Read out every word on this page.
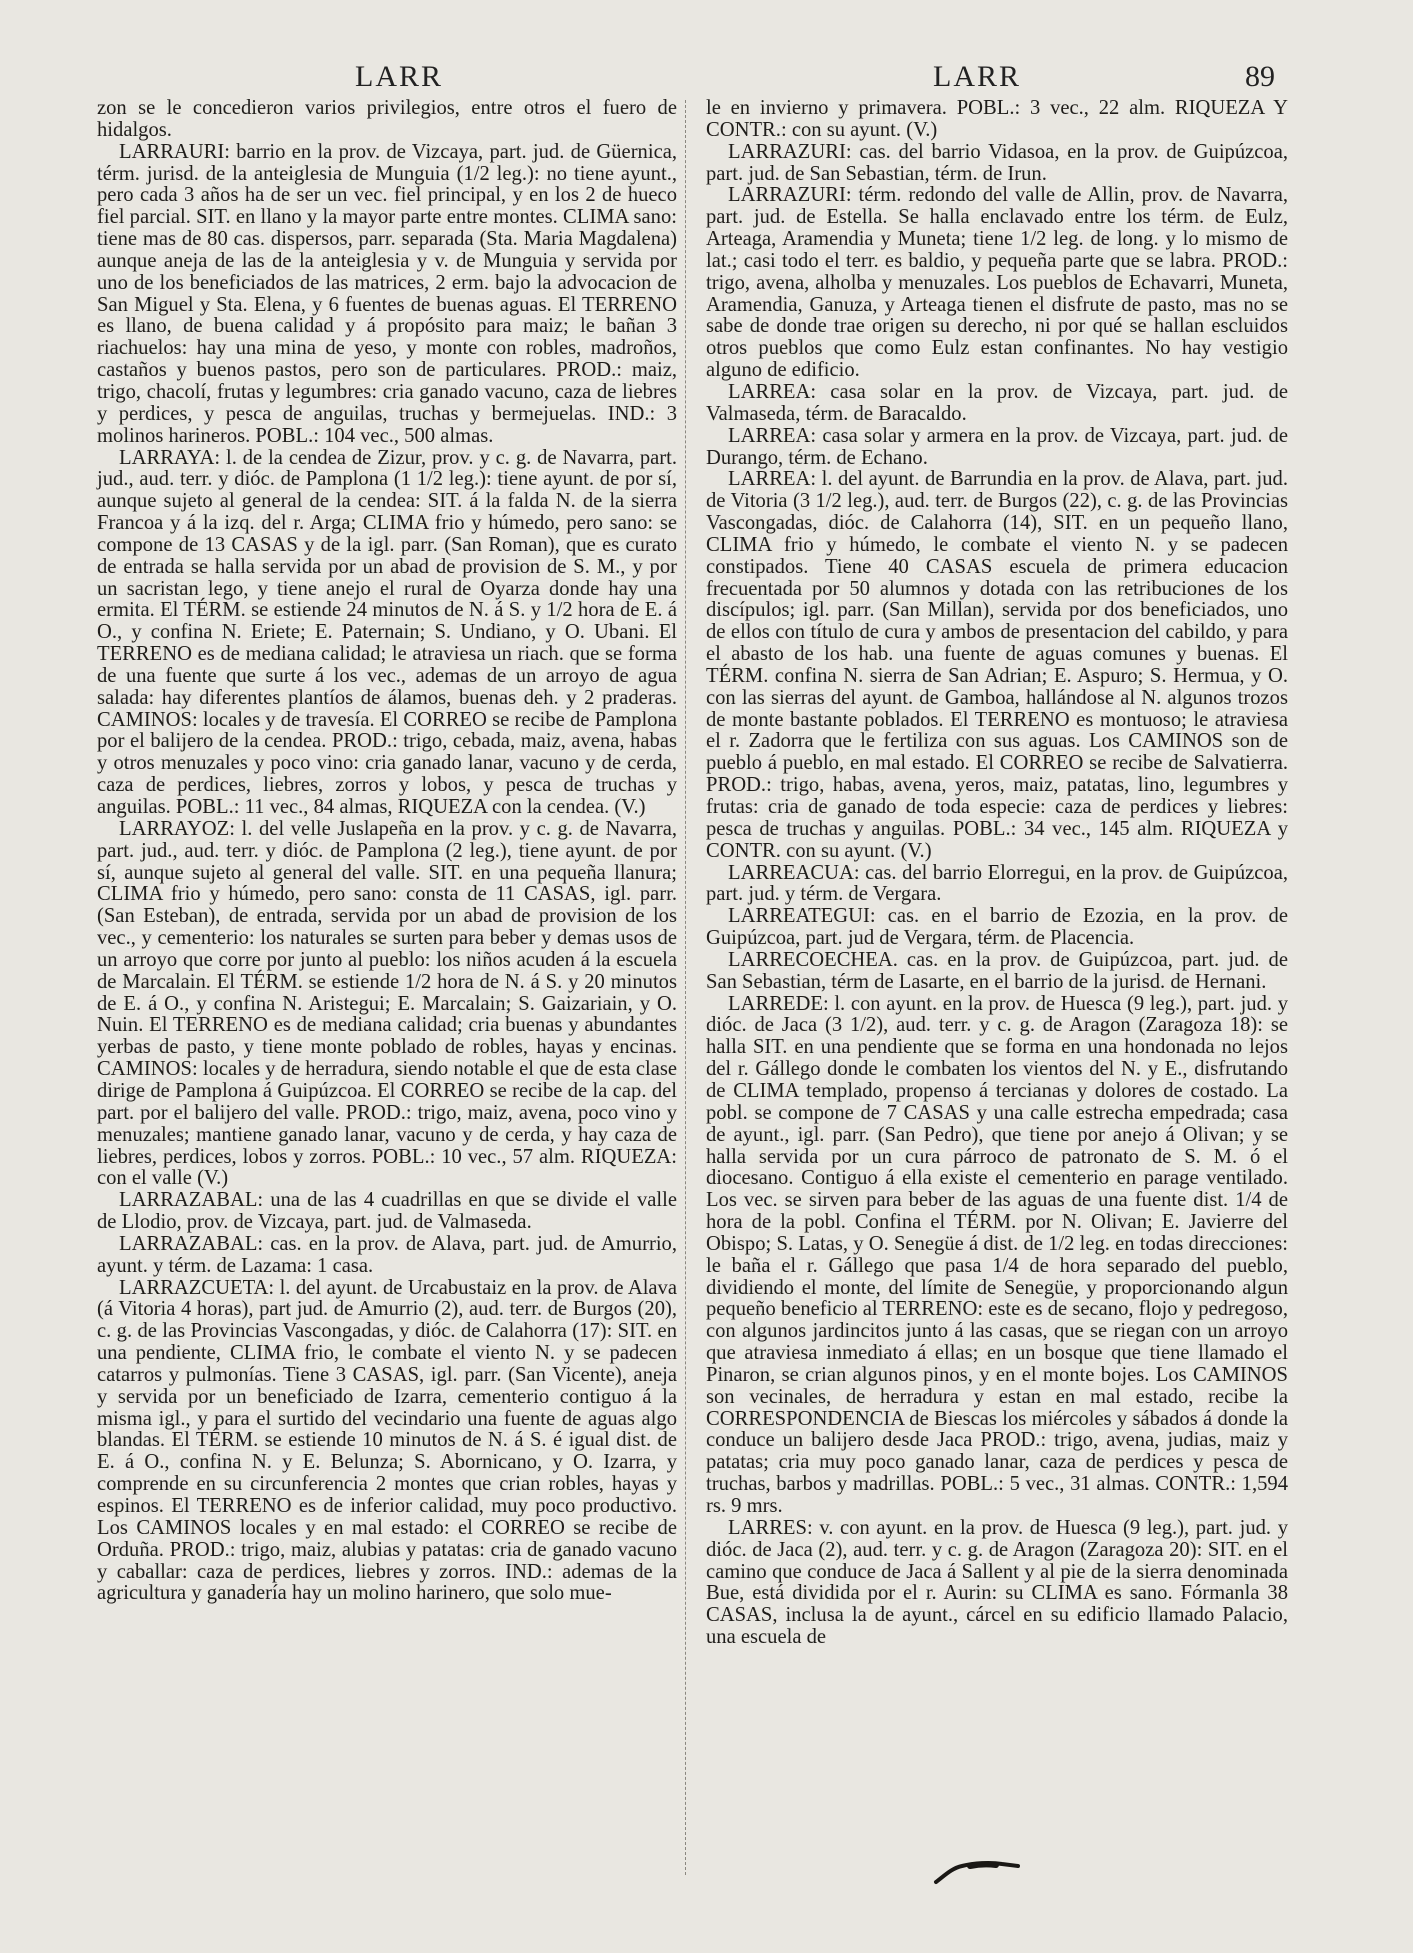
LARR	LARR	89

zon se le concedieron varios privilegios, entre otros el fuero de hidalgos.

LARRAURI: barrio en la prov. de Vizcaya, part. jud. de Güernica, térm. jurisd. de la anteiglesia de Munguia (1/2 leg.): no tiene ayunt., pero cada 3 años ha de ser un vec. fiel principal, y en los 2 de hueco fiel parcial. SIT. en llano y la mayor parte entre montes. CLIMA sano: tiene mas de 80 cas. dispersos, parr. separada (Sta. Maria Magdalena) aunque aneja de las de la anteiglesia y v. de Munguia y servida por uno de los beneficiados de las matrices, 2 erm. bajo la advocacion de San Miguel y Sta. Elena, y 6 fuentes de buenas aguas. El TERRENO es llano, de buena calidad y á propósito para maiz; le bañan 3 riachuelos: hay una mina de yeso, y monte con robles, madroños, castaños y buenos pastos, pero son de particulares. PROD.: maiz, trigo, chacolí, frutas y legumbres: cria ganado vacuno, caza de liebres y perdices, y pesca de anguilas, truchas y bermejuelas. IND.: 3 molinos harineros. POBL.: 104 vec., 500 almas.

LARRAYA: l. de la cendea de Zizur, prov. y c. g. de Navarra, part. jud., aud. terr. y dióc. de Pamplona (1 1/2 leg.): tiene ayunt. de por sí, aunque sujeto al general de la cendea: SIT. á la falda N. de la sierra Francoa y á la izq. del r. Arga; CLIMA frio y húmedo, pero sano: se compone de 13 CASAS y de la igl. parr. (San Roman), que es curato de entrada se halla servida por un abad de provision de S. M., y por un sacristan lego, y tiene anejo el rural de Oyarza donde hay una ermita. El TÉRM. se estiende 24 minutos de N. á S. y 1/2 hora de E. á O., y confina N. Eriete; E. Paternain; S. Undiano, y O. Ubani. El TERRENO es de mediana calidad; le atraviesa un riach. que se forma de una fuente que surte á los vec., ademas de un arroyo de agua salada: hay diferentes plantíos de álamos, buenas deh. y 2 praderas. CAMINOS: locales y de travesía. El CORREO se recibe de Pamplona por el balijero de la cendea. PROD.: trigo, cebada, maiz, avena, habas y otros menuzales y poco vino: cria ganado lanar, vacuno y de cerda, caza de perdices, liebres, zorros y lobos, y pesca de truchas y anguilas. POBL.: 11 vec., 84 almas, RIQUEZA con la cendea. (V.)

LARRAYOZ: l. del velle Juslapeña en la prov. y c. g. de Navarra, part. jud., aud. terr. y dióc. de Pamplona (2 leg.), tiene ayunt. de por sí, aunque sujeto al general del valle. SIT. en una pequeña llanura; CLIMA frio y húmedo, pero sano: consta de 11 CASAS, igl. parr. (San Esteban), de entrada, servida por un abad de provision de los vec., y cementerio: los naturales se surten para beber y demas usos de un arroyo que corre por junto al pueblo: los niños acuden á la escuela de Marcalain. El TÉRM. se estiende 1/2 hora de N. á S. y 20 minutos de E. á O., y confina N. Aristegui; E. Marcalain; S. Gaizariain, y O. Nuin. El TERRENO es de mediana calidad; cria buenas y abundantes yerbas de pasto, y tiene monte poblado de robles, hayas y encinas. CAMINOS: locales y de herradura, siendo notable el que de esta clase dirige de Pamplona á Guipúzcoa. El CORREO se recibe de la cap. del part. por el balijero del valle. PROD.: trigo, maiz, avena, poco vino y menuzales; mantiene ganado lanar, vacuno y de cerda, y hay caza de liebres, perdices, lobos y zorros. POBL.: 10 vec., 57 alm. RIQUEZA: con el valle (V.)

LARRAZABAL: una de las 4 cuadrillas en que se divide el valle de Llodio, prov. de Vizcaya, part. jud. de Valmaseda.

LARRAZABAL: cas. en la prov. de Alava, part. jud. de Amurrio, ayunt. y térm. de Lazama: 1 casa.

LARRAZCUETA: l. del ayunt. de Urcabustaiz en la prov. de Alava (á Vitoria 4 horas), part jud. de Amurrio (2), aud. terr. de Burgos (20), c. g. de las Provincias Vascongadas, y dióc. de Calahorra (17): SIT. en una pendiente, CLIMA frio, le combate el viento N. y se padecen catarros y pulmonías. Tiene 3 CASAS, igl. parr. (San Vicente), aneja y servida por un beneficiado de Izarra, cementerio contiguo á la misma igl., y para el surtido del vecindario una fuente de aguas algo blandas. El TÉRM. se estiende 10 minutos de N. á S. é igual dist. de E. á O., confina N. y E. Belunza; S. Aborniсano, y O. Izarra, y comprende en su circunferencia 2 montes que crian robles, hayas y espinos. El TERRENO es de inferior calidad, muy poco productivo. Los CAMINOS locales y en mal estado: el CORREO se recibe de Orduña. PROD.: trigo, maiz, alubias y patatas: cria de ganado vacuno y caballar: caza de perdices, liebres y zorros. IND.: ademas de la agricultura y ganadería hay un molino harinero, que solo mue-

le en invierno y primavera. POBL.: 3 vec., 22 alm. RIQUEZA Y CONTR.: con su ayunt. (V.)

LARRAZURI: cas. del barrio Vidasoa, en la prov. de Guipúzcoa, part. jud. de San Sebastian, térm. de Irun.

LARRAZURI: térm. redondo del valle de Allin, prov. de Navarra, part. jud. de Estella. Se halla enclavado entre los térm. de Eulz, Arteaga, Aramendia y Muneta; tiene 1/2 leg. de long. y lo mismo de lat.; casi todo el terr. es baldio, y pequeña parte que se labra. PROD.: trigo, avena, alholba y menuzales. Los pueblos de Echavarri, Muneta, Aramendia, Ganuza, y Arteaga tienen el disfrute de pasto, mas no se sabe de donde trae origen su derecho, ni por qué se hallan escluidos otros pueblos que como Eulz estan confinantes. No hay vestigio alguno de edificio.

LARREA: casa solar en la prov. de Vizcaya, part. jud. de Valmaseda, térm. de Baracaldo.

LARREA: casa solar y armera en la prov. de Vizcaya, part. jud. de Durango, térm. de Echano.

LARREA: l. del ayunt. de Barrundia en la prov. de Alava, part. jud. de Vitoria (3 1/2 leg.), aud. terr. de Burgos (22), c. g. de las Provincias Vascongadas, dióc. de Calahorra (14), SIT. en un pequeño llano, CLIMA frio y húmedo, le combate el viento N. y se padecen constipados. Tiene 40 CASAS escuela de primera educacion frecuentada por 50 alumnos y dotada con las retribuciones de los discípulos; igl. parr. (San Millan), servida por dos beneficiados, uno de ellos con título de cura y ambos de presentacion del cabildo, y para el abasto de los hab. una fuente de aguas comunes y buenas. El TÉRM. confina N. sierra de San Adrian; E. Aspuro; S. Hermua, y O. con las sierras del ayunt. de Gamboa, hallándose al N. algunos trozos de monte bastante poblados. El TERRENO es montuoso; le atraviesa el r. Zadorra que le fertiliza con sus aguas. Los CAMINOS son de pueblo á pueblo, en mal estado. El CORREO se recibe de Salvatierra. PROD.: trigo, habas, avena, yeros, maiz, patatas, lino, legumbres y frutas: cria de ganado de toda especie: caza de perdices y liebres: pesca de truchas y anguilas. POBL.: 34 vec., 145 alm. RIQUEZA y CONTR. con su ayunt. (V.)

LARREACUA: cas. del barrio Elorregui, en la prov. de Guipúzcoa, part. jud. y térm. de Vergara.

LARREATEGUI: cas. en el barrio de Ezozia, en la prov. de Guipúzcoa, part. jud de Vergara, térm. de Placencia.

LARRECOECHEA. cas. en la prov. de Guipúzcoa, part. jud. de San Sebastian, térm de Lasarte, en el barrio de la jurisd. de Hernani.

LARREDE: l. con ayunt. en la prov. de Huesca (9 leg.), part. jud. y dióc. de Jaca (3 1/2), aud. terr. y c. g. de Aragon (Zaragoza 18): se halla SIT. en una pendiente que se forma en una hondonada no lejos del r. Gállego donde le combaten los vientos del N. y E., disfrutando de CLIMA templado, propenso á tercianas y dolores de costado. La pobl. se compone de 7 CASAS y una calle estrecha empedrada; casa de ayunt., igl. parr. (San Pedro), que tiene por anejo á Olivan; y se halla servida por un cura párroco de patronato de S. M. ó el diocesano. Contiguo á ella existe el cementerio en parage ventilado. Los vec. se sirven para beber de las aguas de una fuente dist. 1/4 de hora de la pobl. Confina el TÉRM. por N. Olivan; E. Javierre del Obispo; S. Latas, y O. Senegüe á dist. de 1/2 leg. en todas direcciones: le baña el r. Gállego que pasa 1/4 de hora separado del pueblo, dividiendo el monte, del límite de Senegüe, y proporcionando algun pequeño beneficio al TERRENO: este es de secano, flojo y pedregoso, con algunos jardincitos junto á las casas, que se riegan con un arroyo que atraviesa inmediato á ellas; en un bosque que tiene llamado el Pinaron, se crian algunos pinos, y en el monte bojes. Los CAMINOS son vecinales, de herradura y estan en mal estado, recibe la CORRESPONDENCIA de Biescas los miércoles y sábados á donde la conduce un balijero desde Jaca PROD.: trigo, avena, judias, maiz y patatas; cria muy poco ganado lanar, caza de perdices y pesca de truchas, barbos y madrillas. POBL.: 5 vec., 31 almas. CONTR.: 1,594 rs. 9 mrs.

LARRES: v. con ayunt. en la prov. de Huesca (9 leg.), part. jud. y dióc. de Jaca (2), aud. terr. y c. g. de Aragon (Zaragoza 20): SIT. en el camino que conduce de Jaca á Sallent y al pie de la sierra denominada Bue, está dividida por el r. Aurin: su CLIMA es sano. Fórmanla 38 CASAS, inclusa la de ayunt., cárcel en su edificio llamado Palacio, una escuela de
